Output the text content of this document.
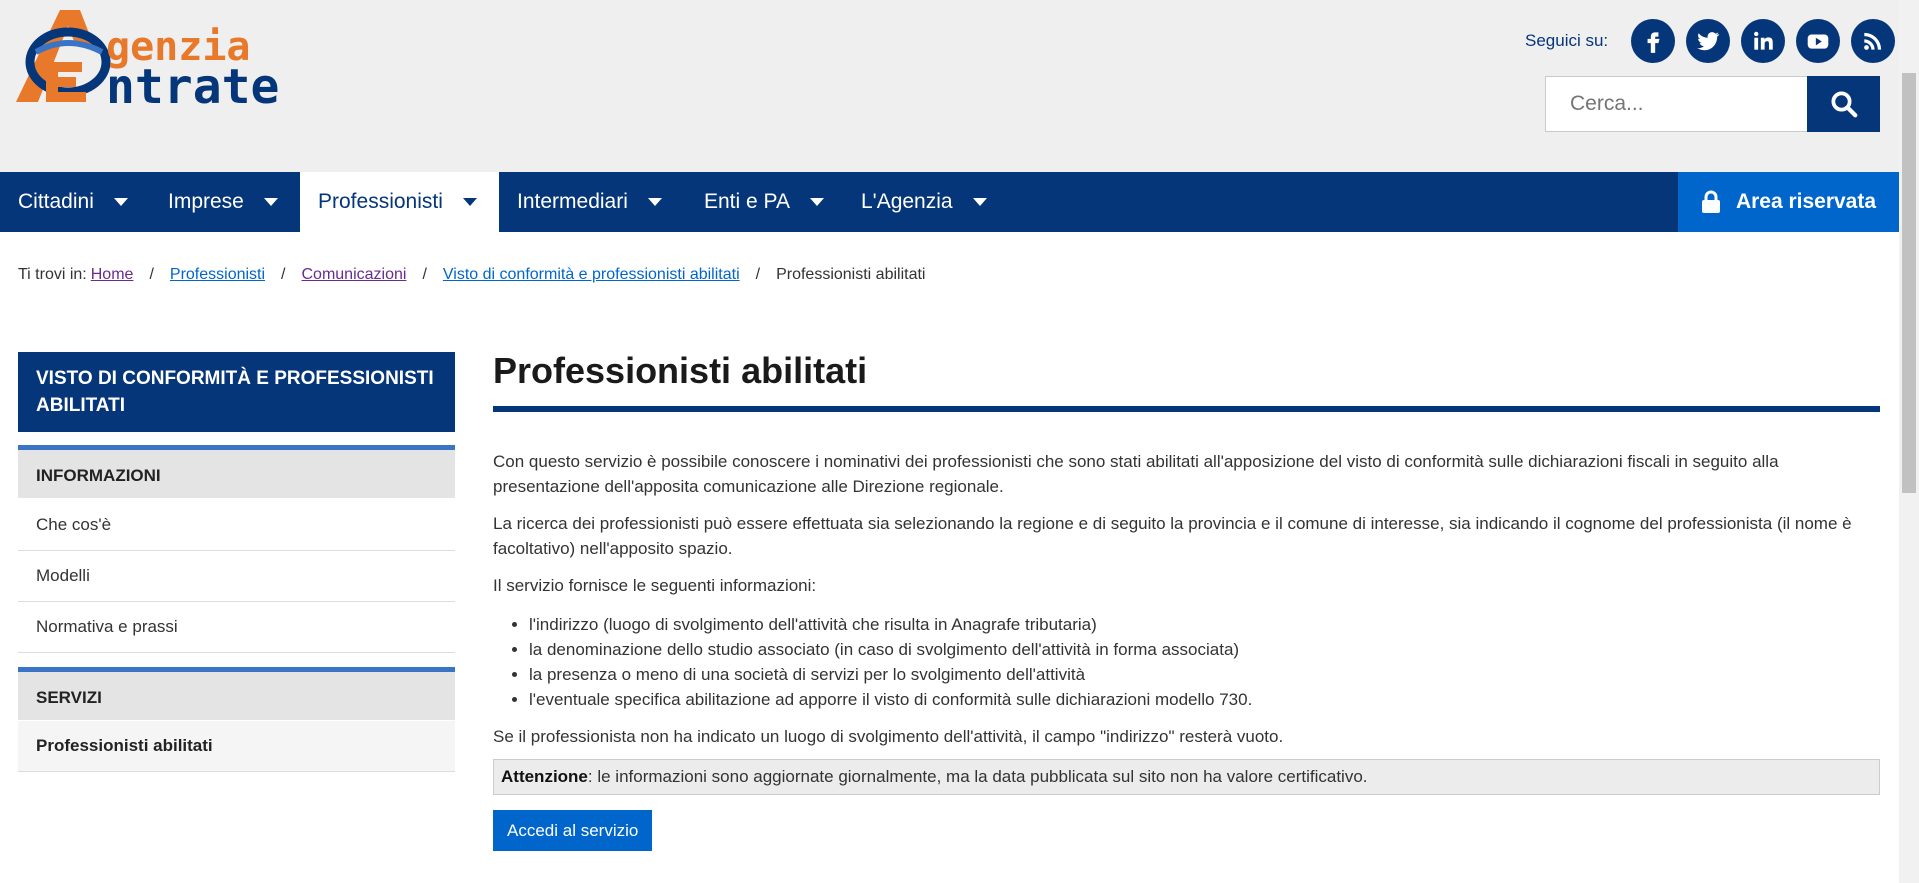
genzia
ntrate
Seguici su:
Cerca...
Cittadini	Imprese	Professionisti	Intermediari	Enti e PA	L'Agenzia	Area riservata
Ti trovi in: Home / Professionisti / Comunicazioni / Visto di conformità e professionisti abilitati / Professionisti abilitati
VISTO DI CONFORMITÀ E PROFESSIONISTI ABILITATI
INFORMAZIONI
Che cos'è
Modelli
Normativa e prassi
SERVIZI
Professionisti abilitati
Professionisti abilitati

Con questo servizio è possibile conoscere i nominativi dei professionisti che sono stati abilitati all'apposizione del visto di conformità sulle dichiarazioni fiscali in seguito alla presentazione dell'apposita comunicazione alle Direzione regionale.

La ricerca dei professionisti può essere effettuata sia selezionando la regione e di seguito la provincia e il comune di interesse, sia indicando il cognome del professionista (il nome è facoltativo) nell'apposito spazio.

Il servizio fornisce le seguenti informazioni:

• l'indirizzo (luogo di svolgimento dell'attività che risulta in Anagrafe tributaria)
• la denominazione dello studio associato (in caso di svolgimento dell'attività in forma associata)
• la presenza o meno di una società di servizi per lo svolgimento dell'attività
• l'eventuale specifica abilitazione ad apporre il visto di conformità sulle dichiarazioni modello 730.

Se il professionista non ha indicato un luogo di svolgimento dell'attività, il campo "indirizzo" resterà vuoto.

Attenzione: le informazioni sono aggiornate giornalmente, ma la data pubblicata sul sito non ha valore certificativo.
Accedi al servizio
